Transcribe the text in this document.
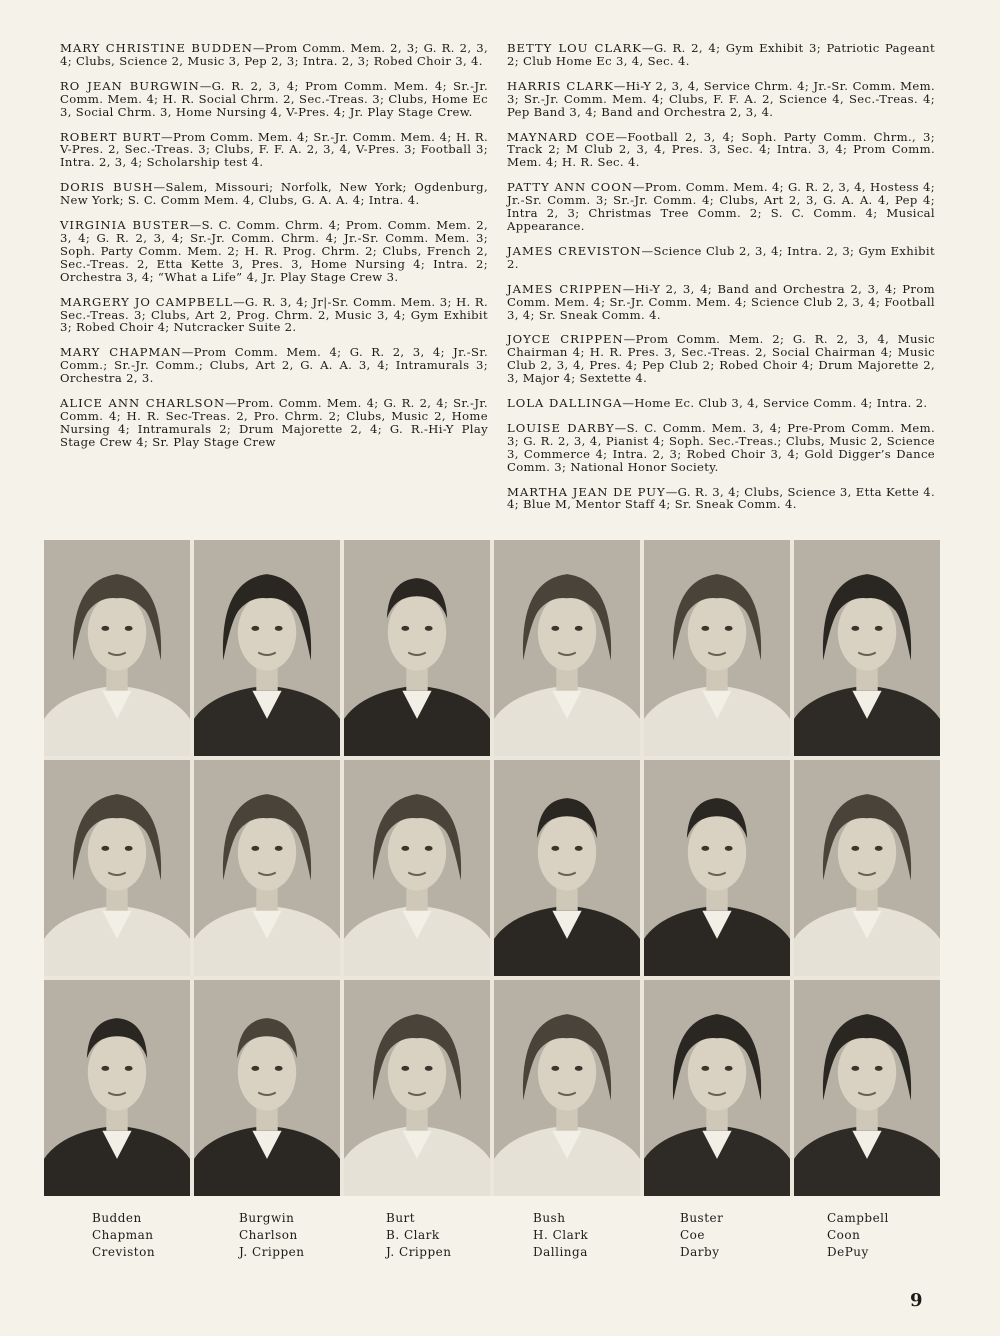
MARY CHRISTINE BUDDEN—Prom Comm. Mem. 2, 3; G. R. 2, 3, 4; Clubs, Science 2, Music 3, Pep 2, 3; Intra. 2, 3; Robed Choir 3, 4.
RO JEAN BURGWIN—G. R. 2, 3, 4; Prom Comm. Mem. 4; Sr.-Jr. Comm. Mem. 4; H. R. Social Chrm. 2, Sec.-Treas. 3; Clubs, Home Ec 3, Social Chrm. 3, Home Nursing 4, V-Pres. 4; Jr. Play Stage Crew.
ROBERT BURT—Prom Comm. Mem. 4; Sr.-Jr. Comm. Mem. 4; H. R. V-Pres. 2, Sec.-Treas. 3; Clubs, F. F. A. 2, 3, 4, V-Pres. 3; Football 3; Intra. 2, 3, 4; Scholarship test 4.
DORIS BUSH—Salem, Missouri; Norfolk, New York; Ogdenburg, New York; S. C. Comm Mem. 4, Clubs, G. A. A. 4; Intra. 4.
VIRGINIA BUSTER—S. C. Comm. Chrm. 4; Prom. Comm. Mem. 2, 3, 4; G. R. 2, 3, 4; Sr.-Jr. Comm. Chrm. 4; Jr.-Sr. Comm. Mem. 3; Soph. Party Comm. Mem. 2; H. R. Prog. Chrm. 2; Clubs, French 2, Sec.-Treas. 2, Etta Kette 3, Pres. 3, Home Nursing 4; Intra. 2; Orchestra 3, 4; “What a Life” 4, Jr. Play Stage Crew 3.
MARGERY JO CAMPBELL—G. R. 3, 4; Jr|-Sr. Comm. Mem. 3; H. R. Sec.-Treas. 3; Clubs, Art 2, Prog. Chrm. 2, Music 3, 4; Gym Exhibit 3; Robed Choir 4; Nutcracker Suite 2.
MARY CHAPMAN—Prom Comm. Mem. 4; G. R. 2, 3, 4; Jr.-Sr. Comm.; Sr.-Jr. Comm.; Clubs, Art 2, G. A. A. 3, 4; Intramurals 3; Orchestra 2, 3.
ALICE ANN CHARLSON—Prom. Comm. Mem. 4; G. R. 2, 4; Sr.-Jr. Comm. 4; H. R. Sec-Treas. 2, Pro. Chrm. 2; Clubs, Music 2, Home Nursing 4; Intramurals 2; Drum Majorette 2, 4; G. R.-Hi-Y Play Stage Crew 4; Sr. Play Stage Crew
BETTY LOU CLARK—G. R. 2, 4; Gym Exhibit 3; Patriotic Pageant 2; Club Home Ec 3, 4, Sec. 4.
HARRIS CLARK—Hi-Y 2, 3, 4, Service Chrm. 4; Jr.-Sr. Comm. Mem. 3; Sr.-Jr. Comm. Mem. 4; Clubs, F. F. A. 2, Science 4, Sec.-Treas. 4; Pep Band 3, 4; Band and Orchestra 2, 3, 4.
MAYNARD COE—Football 2, 3, 4; Soph. Party Comm. Chrm., 3; Track 2; M Club 2, 3, 4, Pres. 3, Sec. 4; Intra. 3, 4; Prom Comm. Mem. 4; H. R. Sec. 4.
PATTY ANN COON—Prom. Comm. Mem. 4; G. R. 2, 3, 4, Hostess 4; Jr.-Sr. Comm. 3; Sr.-Jr. Comm. 4; Clubs, Art 2, 3, G. A. A. 4, Pep 4; Intra 2, 3; Christmas Tree Comm. 2; S. C. Comm. 4; Musical Appearance.
JAMES CREVISTON—Science Club 2, 3, 4; Intra. 2, 3; Gym Exhibit 2.
JAMES CRIPPEN—Hi-Y 2, 3, 4; Band and Orchestra 2, 3, 4; Prom Comm. Mem. 4; Sr.-Jr. Comm. Mem. 4; Science Club 2, 3, 4; Football 3, 4; Sr. Sneak Comm. 4.
JOYCE CRIPPEN—Prom Comm. Mem. 2; G. R. 2, 3, 4, Music Chairman 4; H. R. Pres. 3, Sec.-Treas. 2, Social Chairman 4; Music Club 2, 3, 4, Pres. 4; Pep Club 2; Robed Choir 4; Drum Majorette 2, 3, Major 4; Sextette 4.
LOLA DALLINGA—Home Ec. Club 3, 4, Service Comm. 4; Intra. 2.
LOUISE DARBY—S. C. Comm. Mem. 3, 4; Pre-Prom Comm. Mem. 3; G. R. 2, 3, 4, Pianist 4; Soph. Sec.-Treas.; Clubs, Music 2, Science 3, Commerce 4; Intra. 2, 3; Robed Choir 3, 4; Gold Digger’s Dance Comm. 3; National Honor Society.
MARTHA JEAN DE PUY—G. R. 3, 4; Clubs, Science 3, Etta Kette 4. 4; Blue M, Mentor Staff 4; Sr. Sneak Comm. 4.
Budden
Chapman
Creviston
Burgwin
Charlson
J. Crippen
Burt
B. Clark
J. Crippen
Bush
H. Clark
Dallinga
Buster
Coe
Darby
Campbell
Coon
DePuy
9
